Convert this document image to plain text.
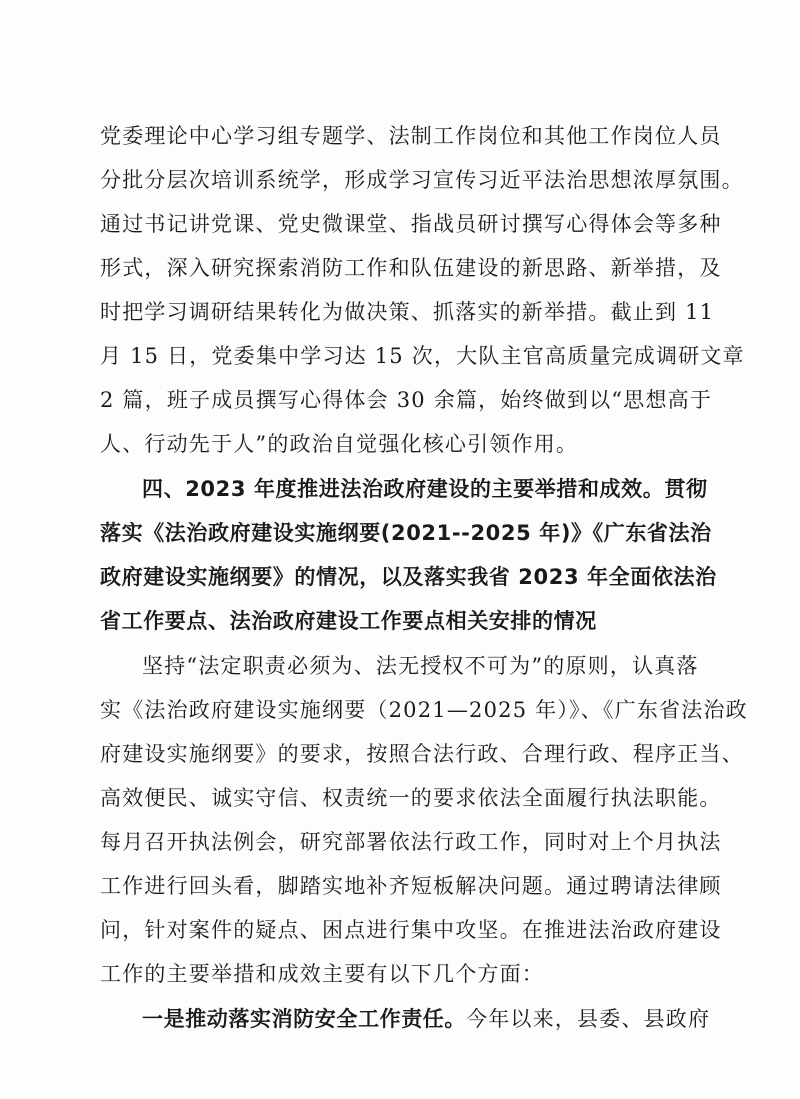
党委理论中心学习组专题学、法制工作岗位和其他工作岗位人员
分批分层次培训系统学，形成学习宣传习近平法治思想浓厚氛围。
通过书记讲党课、党史微课堂、指战员研讨撰写心得体会等多种
形式，深入研究探索消防工作和队伍建设的新思路、新举措，及
时把学习调研结果转化为做决策、抓落实的新举措。截止到 11
月 15 日，党委集中学习达 15 次，大队主官高质量完成调研文章
2 篇，班子成员撰写心得体会 30 余篇，始终做到以“思想高于
人、行动先于人”的政治自觉强化核心引领作用。
四、2023 年度推进法治政府建设的主要举措和成效。贯彻
落实《法治政府建设实施纲要(2021--2025 年)》《广东省法治
政府建设实施纲要》的情况，以及落实我省 2023 年全面依法治
省工作要点、法治政府建设工作要点相关安排的情况
坚持“法定职责必须为、法无授权不可为”的原则，认真落
实《法治政府建设实施纲要（2021—2025 年）》、《广东省法治政
府建设实施纲要》的要求，按照合法行政、合理行政、程序正当、
高效便民、诚实守信、权责统一的要求依法全面履行执法职能。
每月召开执法例会，研究部署依法行政工作，同时对上个月执法
工作进行回头看，脚踏实地补齐短板解决问题。通过聘请法律顾
问，针对案件的疑点、困点进行集中攻坚。在推进法治政府建设
工作的主要举措和成效主要有以下几个方面：
一是推动落实消防安全工作责任。今年以来，县委、县政府
